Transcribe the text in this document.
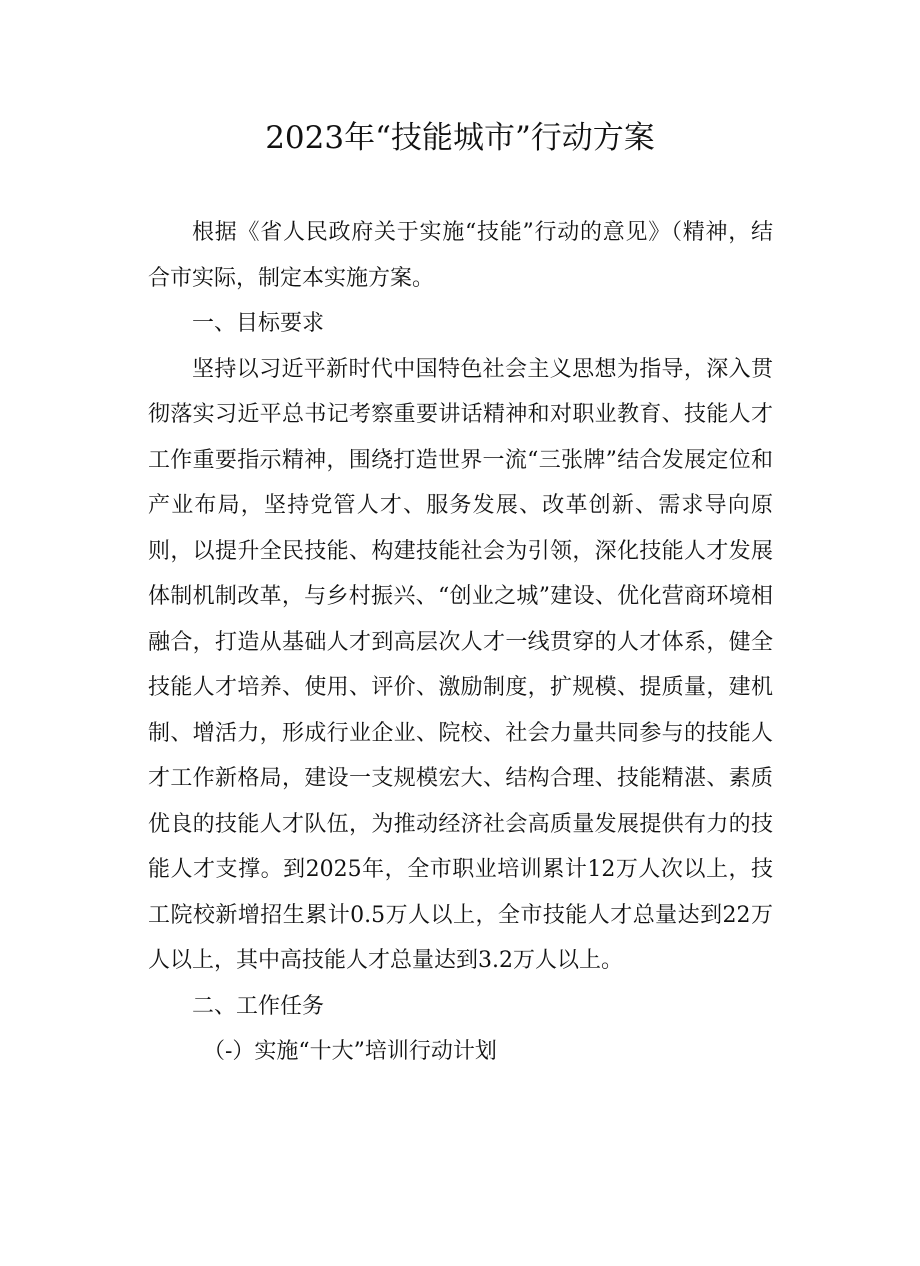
2023年“技能城市”行动方案

根据《省人民政府关于实施“技能”行动的意见》（精神，结合市实际，制定本实施方案。

一、目标要求

坚持以习近平新时代中国特色社会主义思想为指导，深入贯彻落实习近平总书记考察重要讲话精神和对职业教育、技能人才工作重要指示精神，围绕打造世界一流“三张牌”结合发展定位和产业布局，坚持党管人才、服务发展、改革创新、需求导向原则，以提升全民技能、构建技能社会为引领，深化技能人才发展体制机制改革，与乡村振兴、“创业之城”建设、优化营商环境相融合，打造从基础人才到高层次人才一线贯穿的人才体系，健全技能人才培养、使用、评价、激励制度，扩规模、提质量，建机制、增活力，形成行业企业、院校、社会力量共同参与的技能人才工作新格局，建设一支规模宏大、结构合理、技能精湛、素质优良的技能人才队伍，为推动经济社会高质量发展提供有力的技能人才支撑。到2025年，全市职业培训累计12万人次以上，技工院校新增招生累计0.5万人以上，全市技能人才总量达到22万人以上，其中高技能人才总量达到3.2万人以上。

二、工作任务

（-）实施“十大”培训行动计划
